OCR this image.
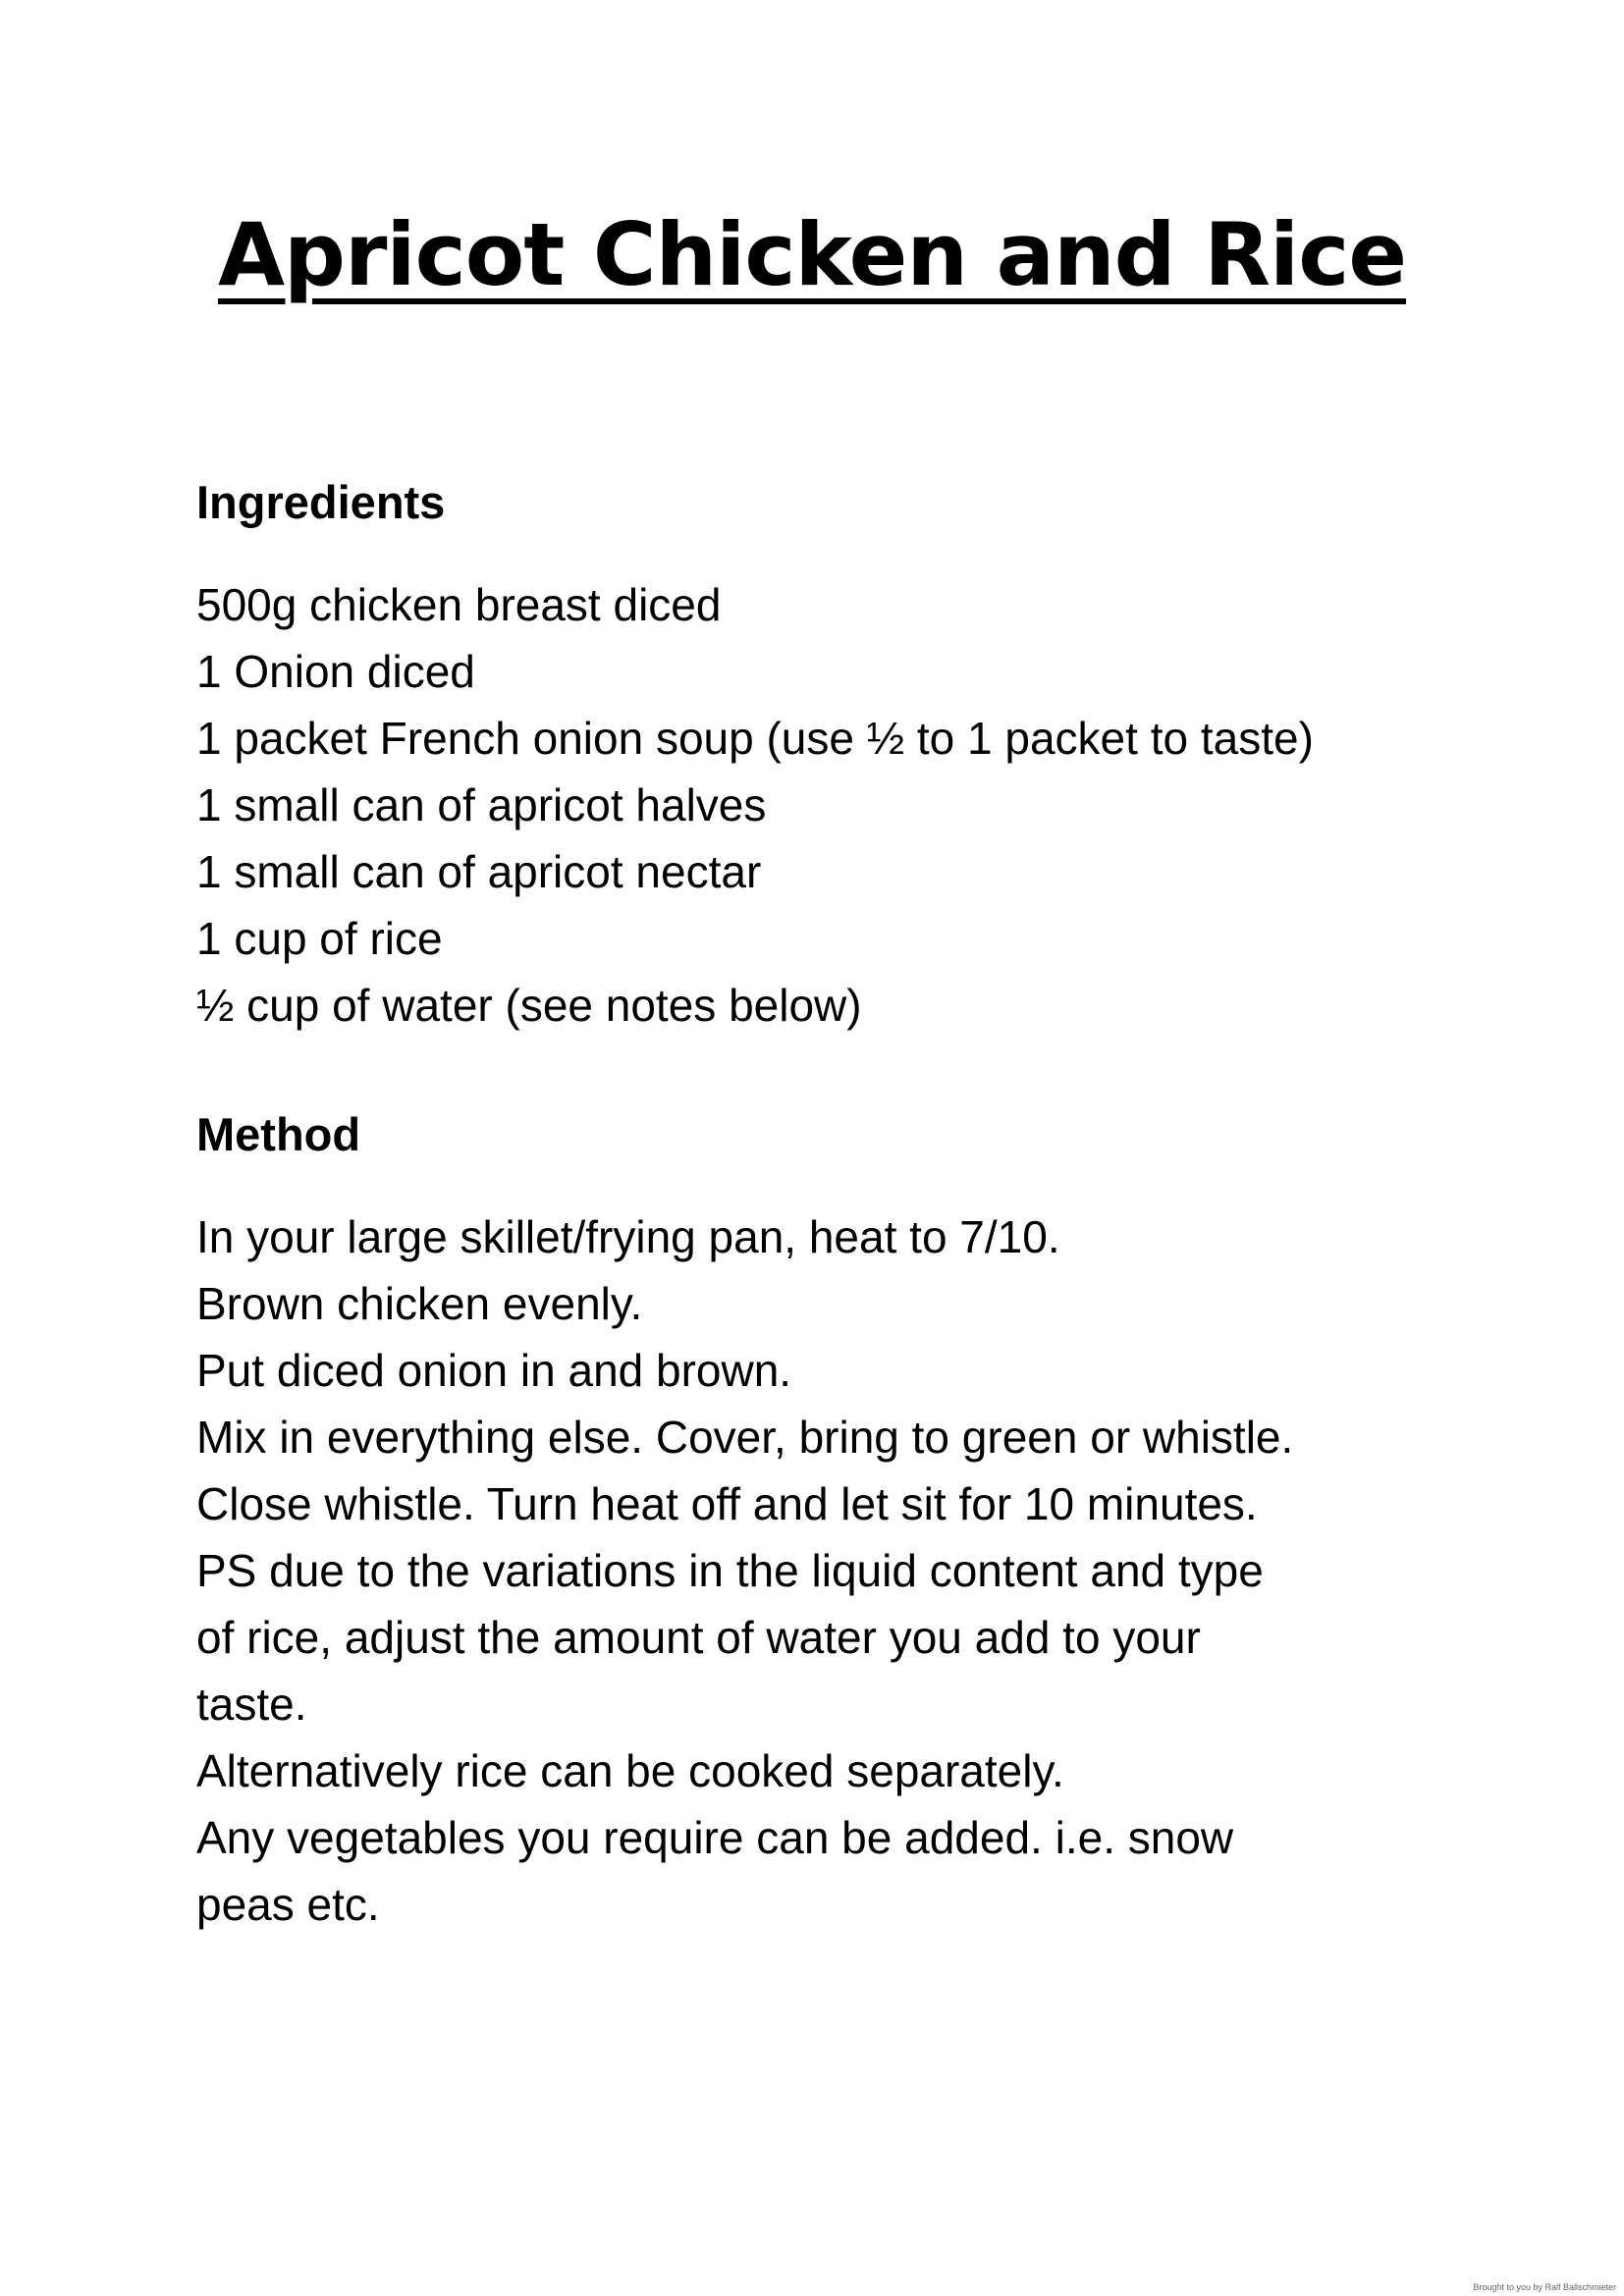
Apricot Chicken and Rice
Ingredients
500g chicken breast diced
1 Onion diced
1 packet French onion soup (use ½ to 1 packet to taste)
1 small can of apricot halves
1 small can of apricot nectar
1 cup of rice
½ cup of water (see notes below)
Method
In your large skillet/frying pan, heat to 7/10.
Brown chicken evenly.
Put diced onion in and brown.
Mix in everything else. Cover, bring to green or whistle.
Close whistle. Turn heat off and let sit for 10 minutes.
PS due to the variations in the liquid content and type
of rice, adjust the amount of water you add to your
taste.
Alternatively rice can be cooked separately.
Any vegetables you require can be added. i.e. snow
peas etc.
Brought to you by Ralf Ballschmieter
